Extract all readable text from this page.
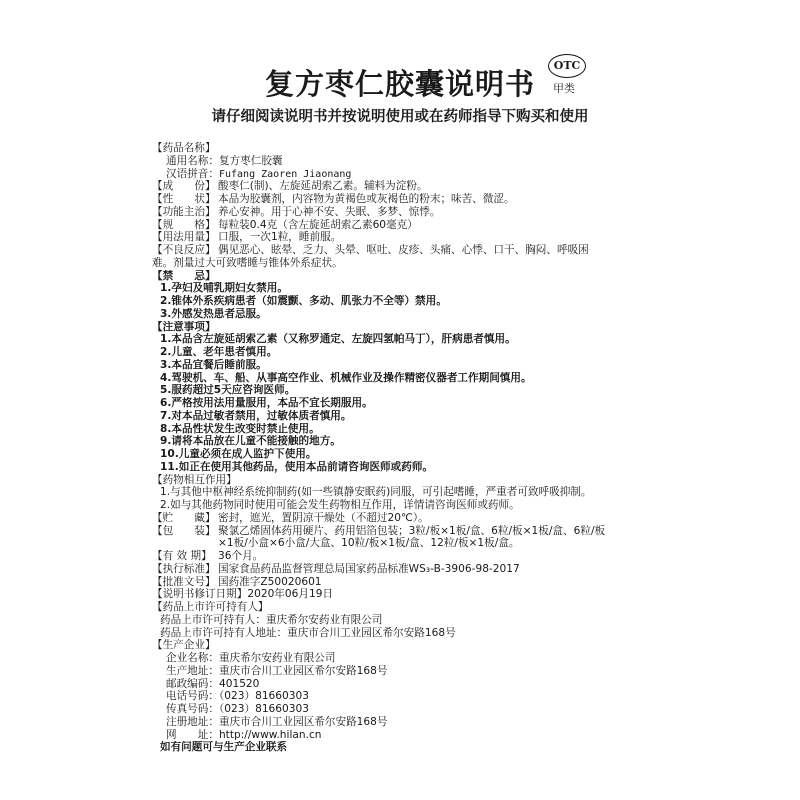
OTC
甲类
复方枣仁胶囊说明书
请仔细阅读说明书并按说明使用或在药师指导下购买和使用
【药品名称】
通用名称：复方枣仁胶囊
汉语拼音：Fufang Zaoren Jiaonang
【成　　份】 酸枣仁(制)、左旋延胡索乙素。辅料为淀粉。
【性　　状】 本品为胶囊剂，内容物为黄褐色或灰褐色的粉末；味苦、微涩。
【功能主治】 养心安神。用于心神不安、失眠、多梦、惊悸。
【规　　格】 每粒装0.4克（含左旋延胡索乙素60毫克）
【用法用量】 口服，一次1粒，睡前服。
【不良反应】 偶见恶心、眩晕、乏力、头晕、呕吐、皮疹、头痛、心悸、口干、胸闷、呼吸困
难。剂量过大可致嗜睡与锥体外系症状。
【禁　　忌】
1.孕妇及哺乳期妇女禁用。
2.锥体外系疾病患者（如震颤、多动、肌张力不全等）禁用。
3.外感发热患者忌服。
【注意事项】
1.本品含左旋延胡索乙素（又称罗通定、左旋四氢帕马丁），肝病患者慎用。
2.儿童、老年患者慎用。
3.本品宜餐后睡前服。
4.驾驶机、车、船、从事高空作业、机械作业及操作精密仪器者工作期间慎用。
5.服药超过5天应咨询医师。
6.严格按用法用量服用，本品不宜长期服用。
7.对本品过敏者禁用，过敏体质者慎用。
8.本品性状发生改变时禁止使用。
9.请将本品放在儿童不能接触的地方。
10.儿童必须在成人监护下使用。
11.如正在使用其他药品，使用本品前请咨询医师或药师。
【药物相互作用】
1.与其他中枢神经系统抑制药(如一些镇静安眠药)同服，可引起嗜睡，严重者可致呼吸抑制。
2.如与其他药物同时使用可能会发生药物相互作用，详情请咨询医师或药师。
【贮　　藏】 密封，遮光，置阴凉干燥处（不超过20℃）。
【包　　装】 聚氯乙烯固体药用硬片、药用铝箔包装；3粒/板×1板/盒、6粒/板×1板/盒、6粒/板
×1板/小盒×6小盒/大盒、10粒/板×1板/盒、12粒/板×1板/盒。
【有 效 期】 36个月。
【执行标准】 国家食品药品监督管理总局国家药品标准WS₃-B-3906-98-2017
【批准文号】 国药准字Z50020601
【说明书修订日期】2020年06月19日
【药品上市许可持有人】
药品上市许可持有人：重庆希尔安药业有限公司
药品上市许可持有人地址：重庆市合川工业园区希尔安路168号
【生产企业】
企业名称：重庆希尔安药业有限公司
生产地址：重庆市合川工业园区希尔安路168号
邮政编码：401520
电话号码：（023）81660303
传真号码：（023）81660303
注册地址：重庆市合川工业园区希尔安路168号
网　　址：http://www.hilan.cn
如有问题可与生产企业联系
